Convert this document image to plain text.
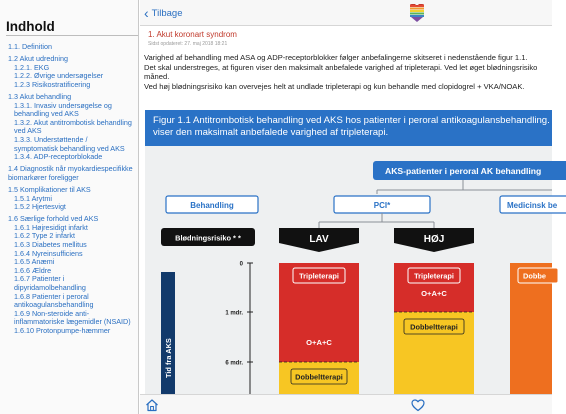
Indhold
1.1. Definition
1.2 Akut udredning
1.2.1. EKG
1.2.2. Øvrige undersøgelser
1.2.3 Risikostratificering
1.3 Akut behandling
1.3.1. Invasiv undersøgelse og behandling ved AKS
1.3.2. Akut antitrombotisk behandling ved AKS
1.3.3. Understøttende / symptomatisk behandling ved AKS
1.3.4. ADP-receptorblokade
1.4 Diagnostik når myokardiespecifikke biomarkører foreligger
1.5 Komplikationer til AKS
1.5.1 Arytmi
1.5.2 Hjertesvigt
1.6 Særlige forhold ved AKS
1.6.1 Højresidigt infarkt
1.6.2 Type 2 infarkt
1.6.3 Diabetes mellitus
1.6.4 Nyreinsufficiens
1.6.5 Anæmi
1.6.6 Ældre
1.6.7 Patienter i dipyridamolbehandling
1.6.8 Patienter i peroral antikoagulansbehandling
1.6.9 Non-steroide anti-inflammatoriske lægemidler (NSAID)
1.6.10 Protonpumpe-hæmmer
‹ Tilbage
1. Akut koronart syndrom
Sidst opdateret: 27. maj 2018 18:21
Varighed af behandling med ASA og ADP-receptorblokker følger anbefalingerne skitseret i nedenstående figur 1.1.
Det skal understreges, at figuren viser den maksimalt anbefalede varighed af tripleterapi. Ved let øget blødningsrisiko
måned.
Ved høj blødningsrisiko kan overvejes helt at undlade tripleterapi og kun behandle med clopidogrel + VKA/NOAK.
Figur 1.1 Antitrombotisk behandling ved AKS hos patienter i peroral antikoagulansbehandling. Fig
viser den maksimalt anbefalede varighed af tripleterapi.
AKS-patienter i peroral AK behandling
Behandling	PCI*	Medicinsk be
Blødningsrisiko * *	LAV	HØJ
Tid fra AKS
0
1 mdr.
6 mdr.
Tripleterapi
O+A+C
Dobbeltterapi
Tripleterapi
O+A+C
Dobbeltterapi
Dobbe
